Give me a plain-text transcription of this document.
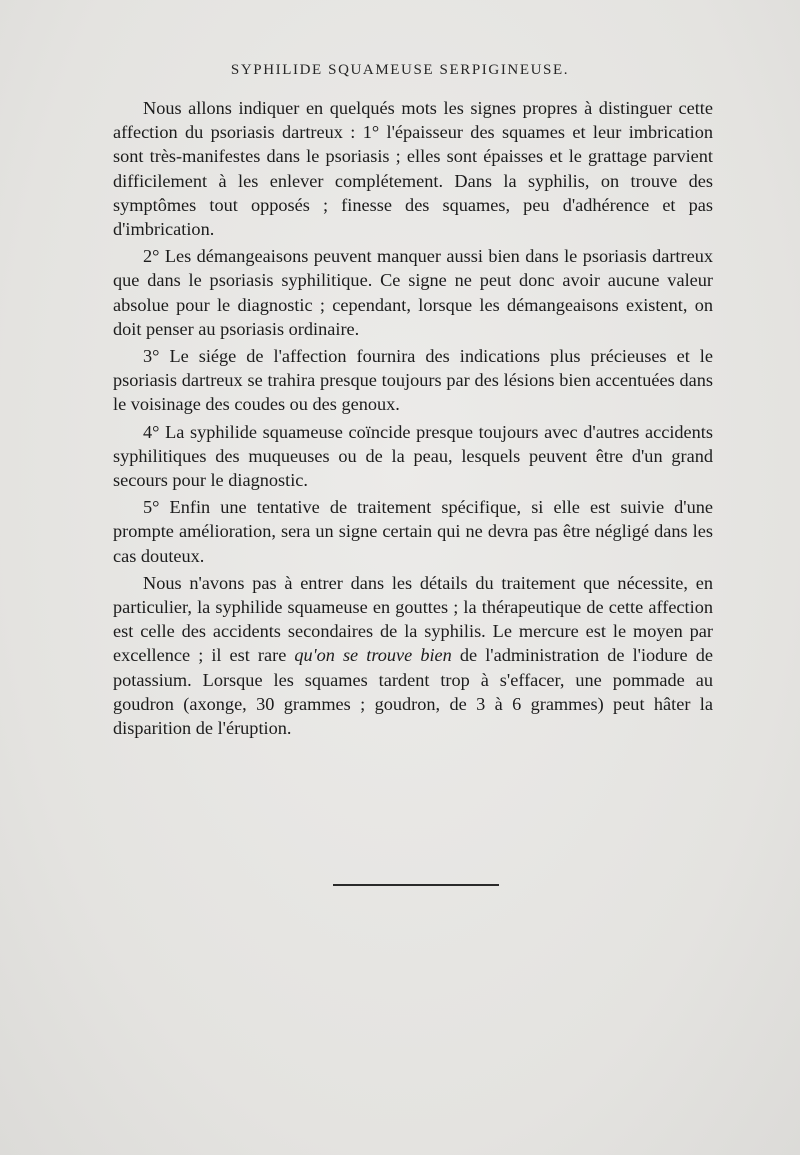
SYPHILIDE SQUAMEUSE SERPIGINEUSE.

Nous allons indiquer en quelqués mots les signes propres à distinguer cette affection du psoriasis dartreux : 1° l'épaisseur des squames et leur imbrication sont très-manifestes dans le psoriasis ; elles sont épaisses et le grattage parvient difficilement à les enlever complétement. Dans la syphilis, on trouve des symptômes tout opposés ; finesse des squames, peu d'adhérence et pas d'imbrication.

2° Les démangeaisons peuvent manquer aussi bien dans le psoriasis dartreux que dans le psoriasis syphilitique. Ce signe ne peut donc avoir aucune valeur absolue pour le diagnostic ; cependant, lorsque les démangeaisons existent, on doit penser au psoriasis ordinaire.

3° Le siége de l'affection fournira des indications plus précieuses et le psoriasis dartreux se trahira presque toujours par des lésions bien accentuées dans le voisinage des coudes ou des genoux.

4° La syphilide squameuse coïncide presque toujours avec d'autres accidents syphilitiques des muqueuses ou de la peau, lesquels peuvent être d'un grand secours pour le diagnostic.

5° Enfin une tentative de traitement spécifique, si elle est suivie d'une prompte amélioration, sera un signe certain qui ne devra pas être négligé dans les cas douteux.

Nous n'avons pas à entrer dans les détails du traitement que nécessite, en particulier, la syphilide squameuse en gouttes ; la thérapeutique de cette affection est celle des accidents secondaires de la syphilis. Le mercure est le moyen par excellence ; il est rare qu'on se trouve bien de l'administration de l'iodure de potassium. Lorsque les squames tardent trop à s'effacer, une pommade au goudron (axonge, 30 grammes ; goudron, de 3 à 6 grammes) peut hâter la disparition de l'éruption.
